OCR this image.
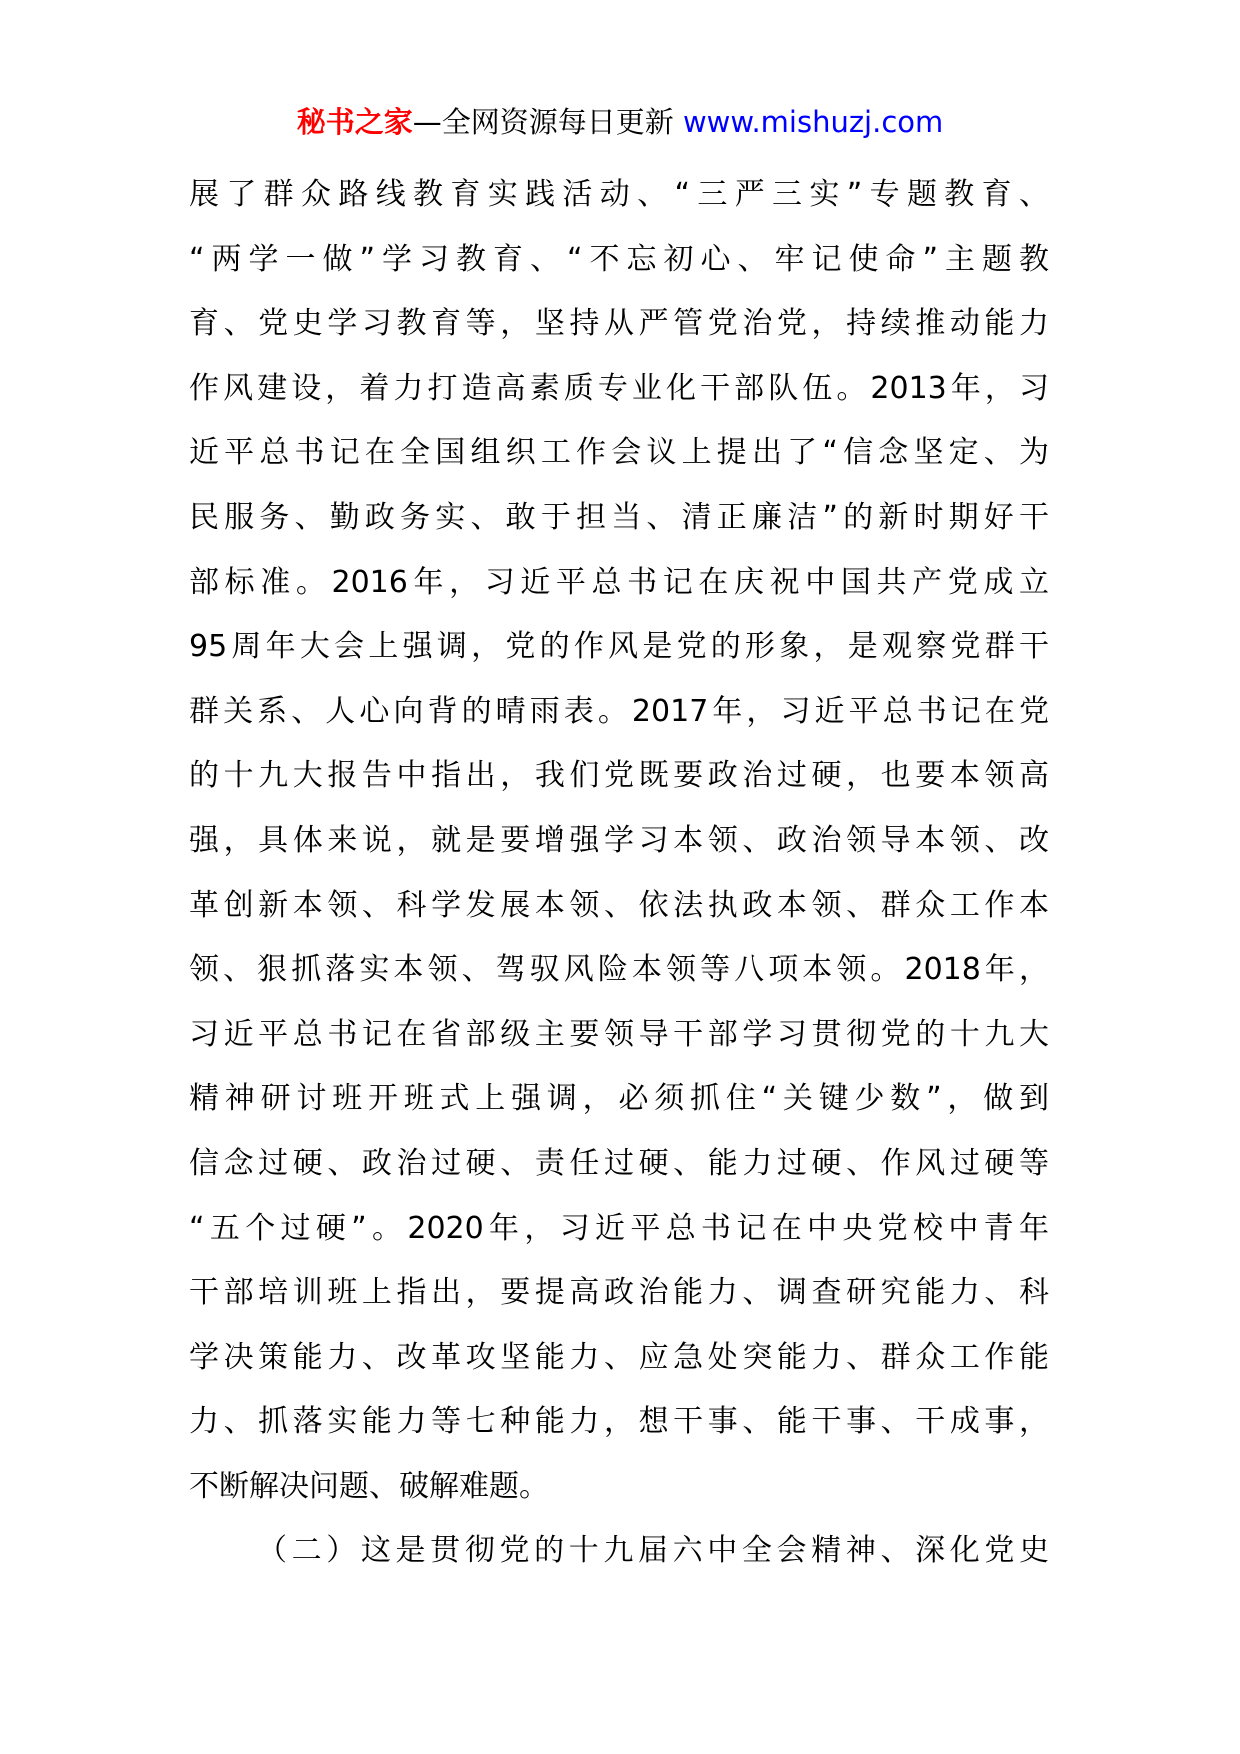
秘书之家—全网资源每日更新 www.mishuzj.com
展了群众路线教育实践活动、“三严三实”专题教育、
“两学一做”学习教育、“不忘初心、牢记使命”主题教
育、党史学习教育等，坚持从严管党治党，持续推动能力
作风建设，着力打造高素质专业化干部队伍。2013年，习
近平总书记在全国组织工作会议上提出了“信念坚定、为
民服务、勤政务实、敢于担当、清正廉洁”的新时期好干
部标准。2016年，习近平总书记在庆祝中国共产党成立
95周年大会上强调，党的作风是党的形象，是观察党群干
群关系、人心向背的晴雨表。2017年，习近平总书记在党
的十九大报告中指出，我们党既要政治过硬，也要本领高
强，具体来说，就是要增强学习本领、政治领导本领、改
革创新本领、科学发展本领、依法执政本领、群众工作本
领、狠抓落实本领、驾驭风险本领等八项本领。2018年，
习近平总书记在省部级主要领导干部学习贯彻党的十九大
精神研讨班开班式上强调，必须抓住“关键少数”，做到
信念过硬、政治过硬、责任过硬、能力过硬、作风过硬等
“五个过硬”。2020年，习近平总书记在中央党校中青年
干部培训班上指出，要提高政治能力、调查研究能力、科
学决策能力、改革攻坚能力、应急处突能力、群众工作能
力、抓落实能力等七种能力，想干事、能干事、干成事，
不断解决问题、破解难题。
（二）这是贯彻党的十九届六中全会精神、深化党史
